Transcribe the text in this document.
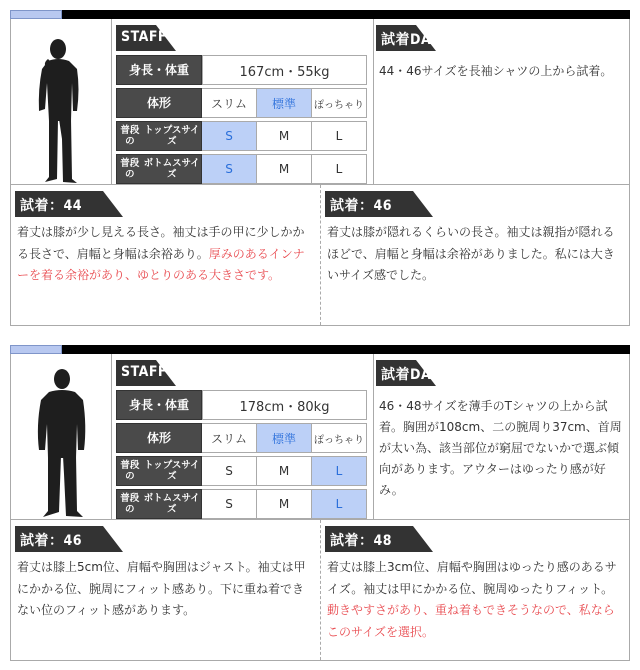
STAFF DATE
身長・体重	167cm・55kg
体形	スリム	標準	ぽっちゃり
普段の

トップスサイズ	S	M	L
普段の

ボトムスサイズ	S	M	L
試着DATE
44・46サイズを長袖シャツの上から試着。
試着：44
着丈は膝が少し見える長さ。袖丈は手の甲に少しかかる長さで、肩幅と身幅は余裕あり。厚みのあるインナーを着る余裕があり、ゆとりのある大きさです。
試着：46
着丈は膝が隠れるくらいの長さ。袖丈は親指が隠れるほどで、肩幅と身幅は余裕がありました。私には大きいサイズ感でした。
STAFF DATE
身長・体重	178cm・80kg
体形	スリム	標準	ぽっちゃり
普段の

トップスサイズ	S	M	L
普段の

ボトムスサイズ	S	M	L
試着DATE
46・48サイズを薄手のTシャツの上から試着。胸囲が108cm、二の腕周り37cm、首周が太い為、該当部位が窮屈でないかで選ぶ傾向があります。アウターはゆったり感が好み。
試着：46
着丈は膝上5cm位、肩幅や胸囲はジャスト。袖丈は甲にかかる位、腕周にフィット感あり。下に重ね着できない位のフィット感があります。
試着：48
着丈は膝上3cm位、肩幅や胸囲はゆったり感のあるサイズ。袖丈は甲にかかる位、腕周ゆったりフィット。動きやすさがあり、重ね着もできそうなので、私ならこのサイズを選択。
